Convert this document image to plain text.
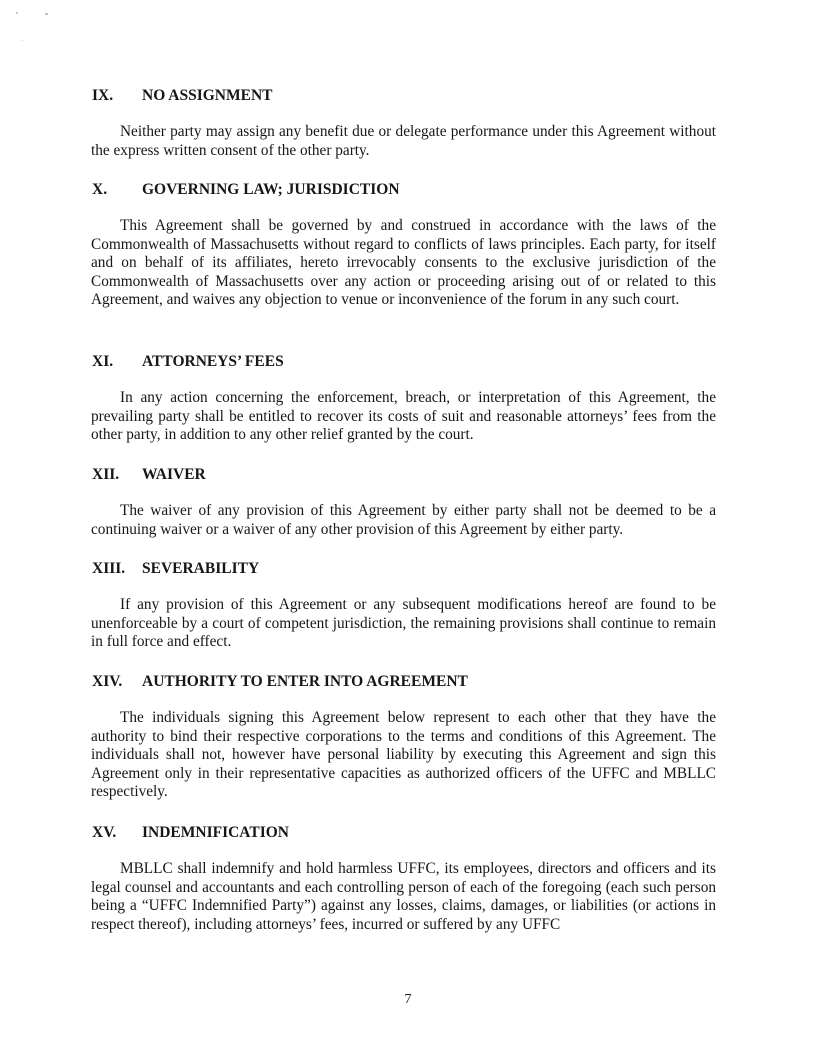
IX.	NO ASSIGNMENT

Neither party may assign any benefit due or delegate performance under this Agreement without the express written consent of the other party.

X.	GOVERNING LAW; JURISDICTION

This Agreement shall be governed by and construed in accordance with the laws of the Commonwealth of Massachusetts without regard to conflicts of laws principles. Each party, for itself and on behalf of its affiliates, hereto irrevocably consents to the exclusive jurisdiction of the Commonwealth of Massachusetts over any action or proceeding arising out of or related to this Agreement, and waives any objection to venue or inconvenience of the forum in any such court.

XI.	ATTORNEYS’ FEES

In any action concerning the enforcement, breach, or interpretation of this Agreement, the prevailing party shall be entitled to recover its costs of suit and reasonable attorneys’ fees from the other party, in addition to any other relief granted by the court.

XII.	WAIVER

The waiver of any provision of this Agreement by either party shall not be deemed to be a continuing waiver or a waiver of any other provision of this Agreement by either party.

XIII.	SEVERABILITY

If any provision of this Agreement or any subsequent modifications hereof are found to be unenforceable by a court of competent jurisdiction, the remaining provisions shall continue to remain in full force and effect.

XIV.	AUTHORITY TO ENTER INTO AGREEMENT

The individuals signing this Agreement below represent to each other that they have the authority to bind their respective corporations to the terms and conditions of this Agreement. The individuals shall not, however have personal liability by executing this Agreement and sign this Agreement only in their representative capacities as authorized officers of the UFFC and MBLLC respectively.

XV.	INDEMNIFICATION

MBLLC shall indemnify and hold harmless UFFC, its employees, directors and officers and its legal counsel and accountants and each controlling person of each of the foregoing (each such person being a “UFFC Indemnified Party”) against any losses, claims, damages, or liabilities (or actions in respect thereof), including attorneys’ fees, incurred or suffered by any UFFC

7
